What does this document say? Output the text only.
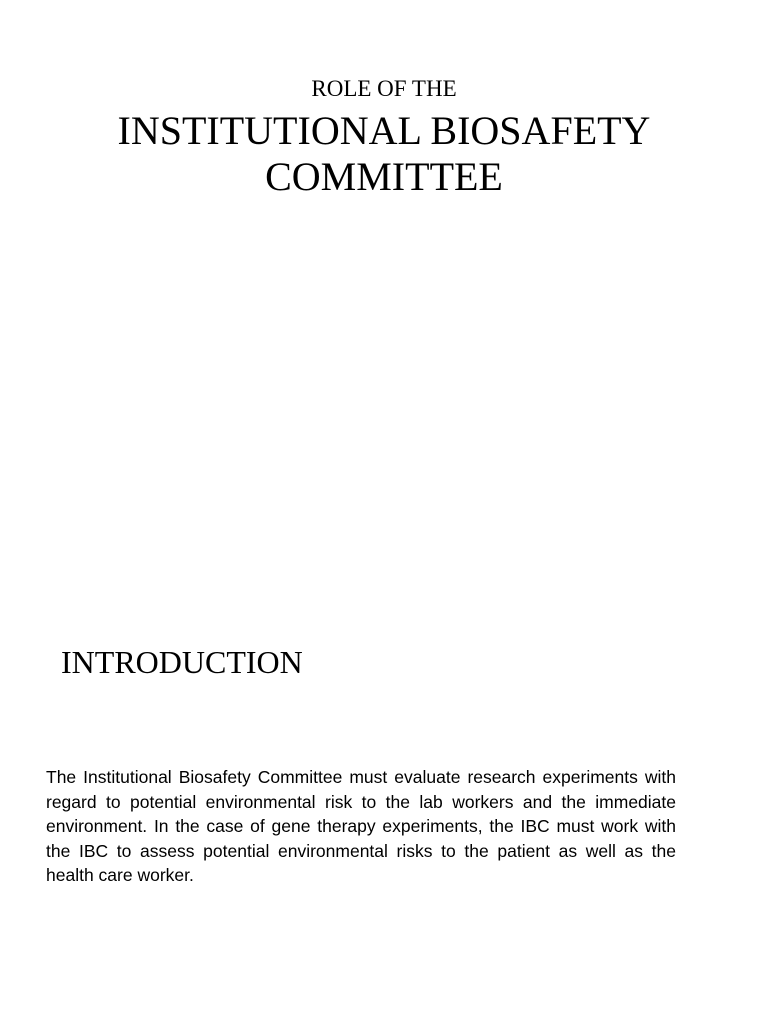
ROLE OF THE

INSTITUTIONAL BIOSAFETY
COMMITTEE
INTRODUCTION

The Institutional Biosafety Committee must evaluate research experiments with regard to potential environmental risk to the lab workers and the immediate environment. In the case of gene therapy experiments, the IBC must work with the IBC to assess potential environmental risks to the patient as well as the health care worker.
